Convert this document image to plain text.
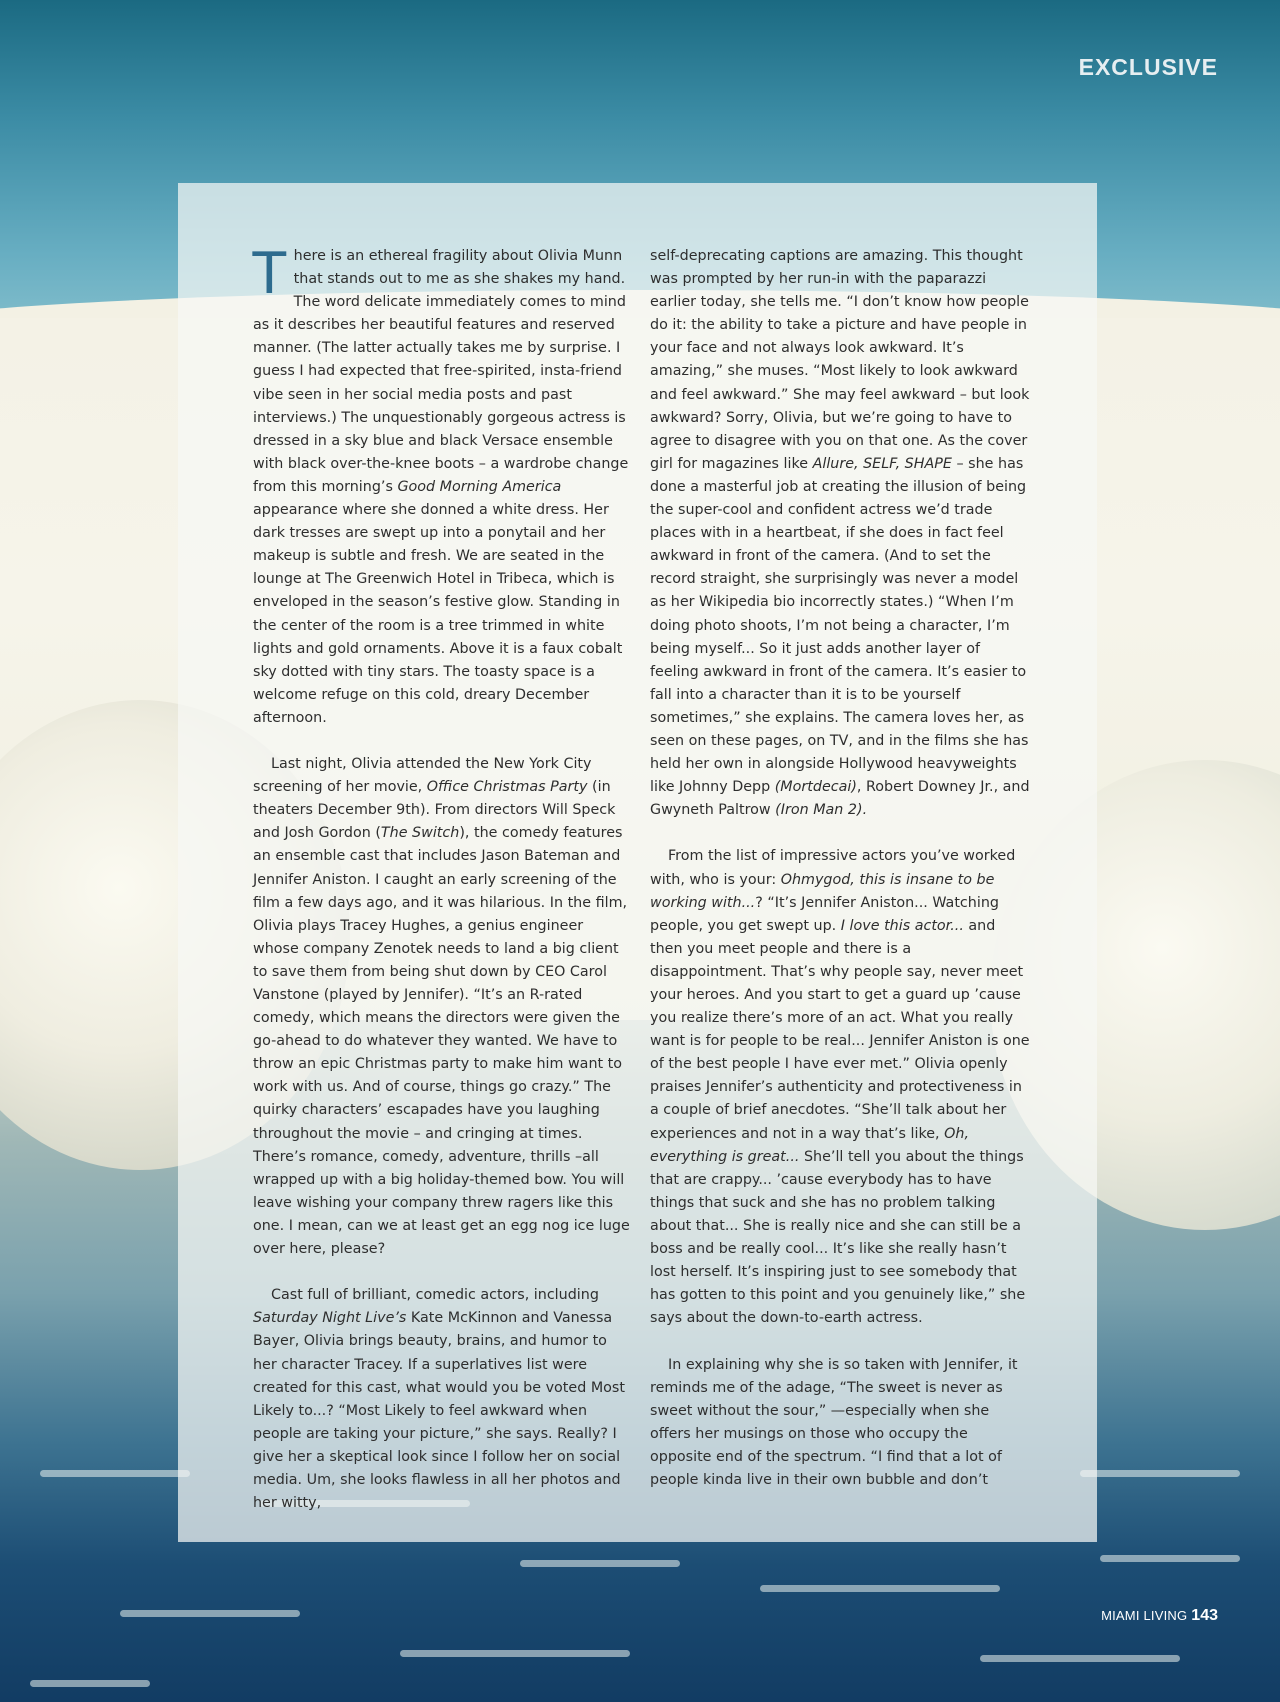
EXCLUSIVE

There is an ethereal fragility about Olivia Munn that stands out to me as she shakes my hand. The word delicate immediately comes to mind as it describes her beautiful features and reserved manner. (The latter actually takes me by surprise. I guess I had expected that free-spirited, insta-friend vibe seen in her social media posts and past interviews.) The unquestionably gorgeous actress is dressed in a sky blue and black Versace ensemble with black over-the-knee boots – a wardrobe change from this morning’s Good Morning America appearance where she donned a white dress. Her dark tresses are swept up into a ponytail and her makeup is subtle and fresh. We are seated in the lounge at The Greenwich Hotel in Tribeca, which is enveloped in the season’s festive glow. Standing in the center of the room is a tree trimmed in white lights and gold ornaments. Above it is a faux cobalt sky dotted with tiny stars. The toasty space is a welcome refuge on this cold, dreary December afternoon.

Last night, Olivia attended the New York City screening of her movie, Office Christmas Party (in theaters December 9th). From directors Will Speck and Josh Gordon (The Switch), the comedy features an ensemble cast that includes Jason Bateman and Jennifer Aniston. I caught an early screening of the film a few days ago, and it was hilarious. In the film, Olivia plays Tracey Hughes, a genius engineer whose company Zenotek needs to land a big client to save them from being shut down by CEO Carol Vanstone (played by Jennifer). “It’s an R-rated comedy, which means the directors were given the go-ahead to do whatever they wanted. We have to throw an epic Christmas party to make him want to work with us. And of course, things go crazy.” The quirky characters’ escapades have you laughing throughout the movie – and cringing at times. There’s romance, comedy, adventure, thrills –all wrapped up with a big holiday-themed bow. You will leave wishing your company threw ragers like this one. I mean, can we at least get an egg nog ice luge over here, please?

Cast full of brilliant, comedic actors, including Saturday Night Live’s Kate McKinnon and Vanessa Bayer, Olivia brings beauty, brains, and humor to her character Tracey. If a superlatives list were created for this cast, what would you be voted Most Likely to...? “Most Likely to feel awkward when people are taking your picture,” she says. Really? I give her a skeptical look since I follow her on social media. Um, she looks flawless in all her photos and her witty,

self-deprecating captions are amazing. This thought was prompted by her run-in with the paparazzi earlier today, she tells me. “I don’t know how people do it: the ability to take a picture and have people in your face and not always look awkward. It’s amazing,” she muses. “Most likely to look awkward and feel awkward.” She may feel awkward – but look awkward? Sorry, Olivia, but we’re going to have to agree to disagree with you on that one. As the cover girl for magazines like Allure, SELF, SHAPE – she has done a masterful job at creating the illusion of being the super-cool and confident actress we’d trade places with in a heartbeat, if she does in fact feel awkward in front of the camera. (And to set the record straight, she surprisingly was never a model as her Wikipedia bio incorrectly states.) “When I’m doing photo shoots, I’m not being a character, I’m being myself... So it just adds another layer of feeling awkward in front of the camera. It’s easier to fall into a character than it is to be yourself sometimes,” she explains. The camera loves her, as seen on these pages, on TV, and in the films she has held her own in alongside Hollywood heavyweights like Johnny Depp (Mortdecai), Robert Downey Jr., and Gwyneth Paltrow (Iron Man 2).

From the list of impressive actors you’ve worked with, who is your: Ohmygod, this is insane to be working with...? “It’s Jennifer Aniston... Watching people, you get swept up. I love this actor... and then you meet people and there is a disappointment. That’s why people say, never meet your heroes. And you start to get a guard up ’cause you realize there’s more of an act. What you really want is for people to be real... Jennifer Aniston is one of the best people I have ever met.” Olivia openly praises Jennifer’s authenticity and protectiveness in a couple of brief anecdotes. “She’ll talk about her experiences and not in a way that’s like, Oh, everything is great... She’ll tell you about the things that are crappy... ’cause everybody has to have things that suck and she has no problem talking about that... She is really nice and she can still be a boss and be really cool... It’s like she really hasn’t lost herself. It’s inspiring just to see somebody that has gotten to this point and you genuinely like,” she says about the down-to-earth actress.

In explaining why she is so taken with Jennifer, it reminds me of the adage, “The sweet is never as sweet without the sour,” —especially when she offers her musings on those who occupy the opposite end of the spectrum. “I find that a lot of people kinda live in their own bubble and don’t

MIAMI LIVING 143
